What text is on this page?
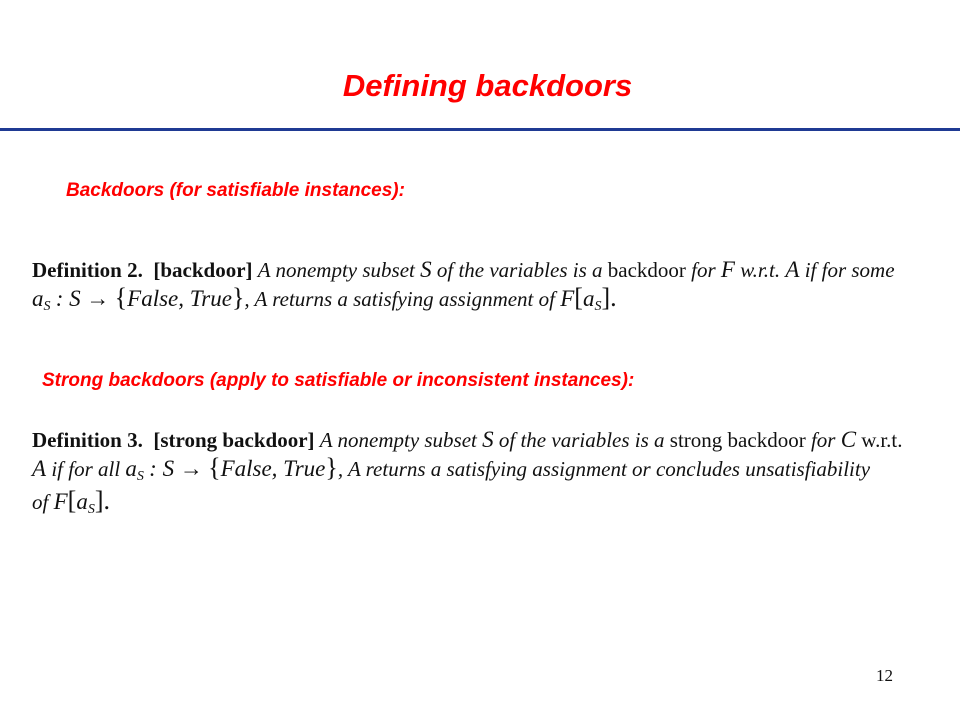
Defining backdoors

Backdoors (for satisfiable instances):

Definition 2. [backdoor] A nonempty subset S of the variables is a backdoor for F w.r.t. A if for some
aS : S → {False, True}, A returns a satisfying assignment of F[aS].

Strong backdoors (apply to satisfiable or inconsistent instances):

Definition 3. [strong backdoor] A nonempty subset S of the variables is a strong backdoor for C w.r.t.
A if for all aS : S → {False, True}, A returns a satisfying assignment or concludes unsatisfiability
of F[aS].
12
